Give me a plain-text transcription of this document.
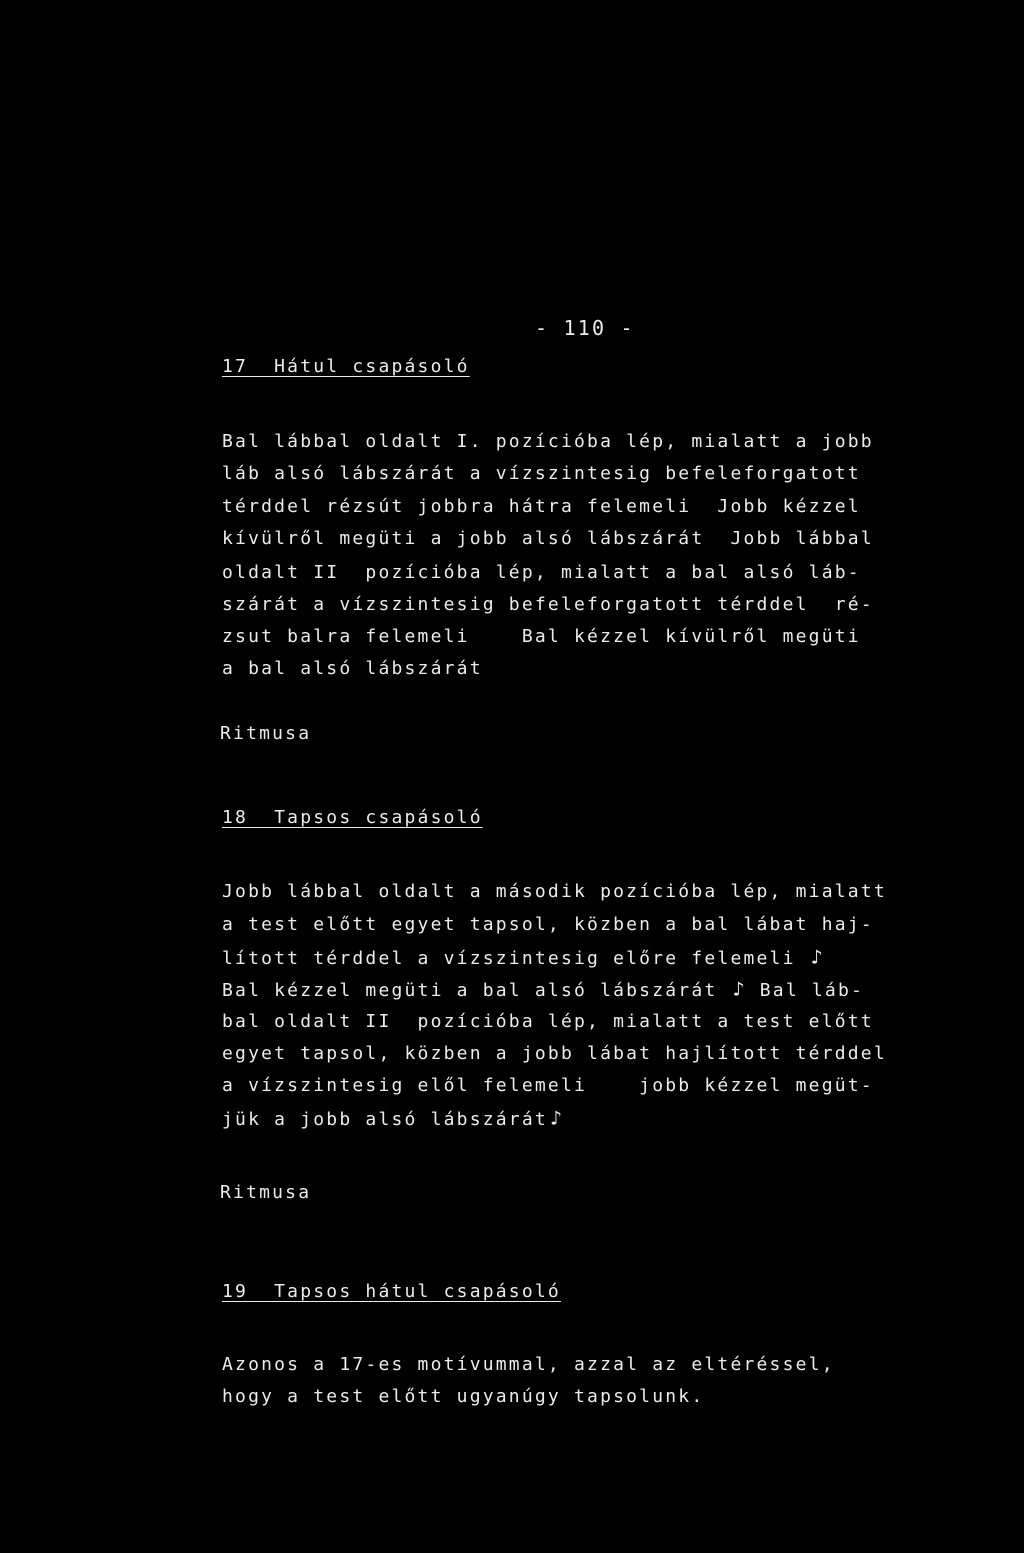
- 110 -
17  Hátul csapásoló
Bal lábbal oldalt I. pozícióba lép, mialatt a jobb
láb alsó lábszárát a vízszintesig befeleforgatott
térddel rézsút jobbra hátra felemeli  Jobb kézzel
kívülről megüti a jobb alsó lábszárát  Jobb lábbal
oldalt II  pozícióba lép, mialatt a bal alsó láb-
szárát a vízszintesig befeleforgatott térddel  ré-
zsut balra felemeli    Bal kézzel kívülről megüti
a bal alsó lábszárát
Ritmusa
18  Tapsos csapásoló
Jobb lábbal oldalt a második pozícióba lép, mialatt
a test előtt egyet tapsol, közben a bal lábat haj-
lított térddel a vízszintesig előre felemeli ♪
Bal kézzel megüti a bal alsó lábszárát ♪ Bal láb-
bal oldalt II  pozícióba lép, mialatt a test előtt
egyet tapsol, közben a jobb lábat hajlított térddel
a vízszintesig elől felemeli    jobb kézzel megüt-
jük a jobb alsó lábszárát ♪
Ritmusa
19  Tapsos hátul csapásoló
Azonos a 17-es motívummal, azzal az eltéréssel,
hogy a test előtt ugyanúgy tapsolunk.
